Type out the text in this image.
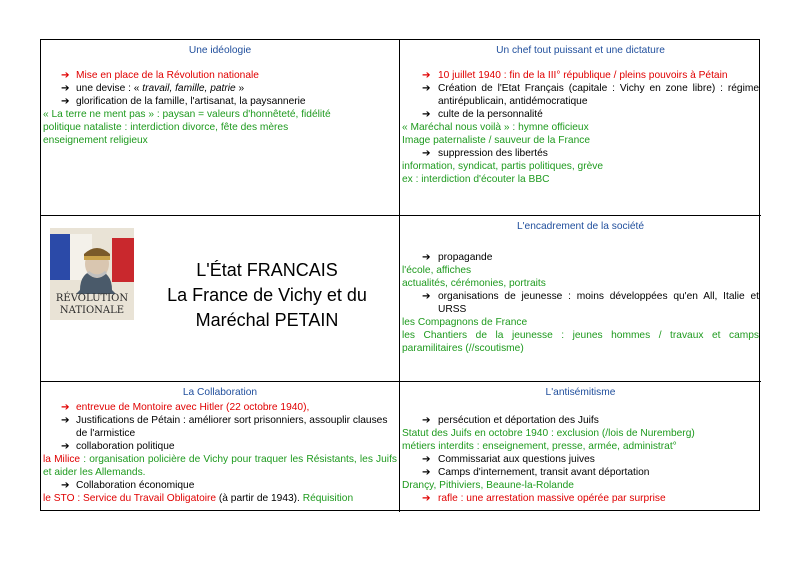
Une idéologie
➔ Mise en place de la Révolution nationale
➔ une devise : « travail, famille, patrie »
➔ glorification de la famille, l'artisanat, la paysannerie
« La terre ne ment pas » : paysan = valeurs d'honnêteté, fidélité
politique nataliste : interdiction divorce, fête des mères
enseignement religieux
Un chef tout puissant et une dictature
➔ 10 juillet 1940 : fin de la III° république / pleins pouvoirs à Pétain
➔ Création de l'Etat Français (capitale : Vichy en zone libre) : régime antirépublicain, antidémocratique
➔ culte de la personnalité
« Maréchal nous voilà » : hymne officieux
Image paternaliste / sauveur de la France
➔ suppression des libertés
information, syndicat, partis politiques, grève
ex : interdiction d'écouter la BBC
RÉVOLUTION
NATIONALE
L'État FRANCAIS
La France de Vichy et du
Maréchal PETAIN
L'encadrement de la société
➔ propagande
l'école, affiches
actualités, cérémonies, portraits
➔ organisations de jeunesse : moins développées qu'en All, Italie et URSS
les Compagnons de France
les Chantiers de la jeunesse : jeunes hommes / travaux et camps paramilitaires (//scoutisme)
La Collaboration
➔ entrevue de Montoire avec Hitler (22 octobre 1940),
➔ Justifications de Pétain : améliorer sort prisonniers, assouplir clauses de l'armistice
➔ collaboration politique
la Milice : organisation policière de Vichy pour traquer les Résistants, les Juifs et aider les Allemands.
➔ Collaboration économique
le STO : Service du Travail Obligatoire (à partir de 1943). Réquisition
L'antisémitisme
➔ persécution et déportation des Juifs
Statut des Juifs en octobre 1940 : exclusion (/lois de Nuremberg)
métiers interdits : enseignement, presse, armée, administrat°
➔ Commissariat aux questions juives
➔ Camps d'internement, transit avant déportation
Drançy, Pithiviers, Beaune-la-Rolande
➔ rafle : une arrestation massive opérée par surprise
